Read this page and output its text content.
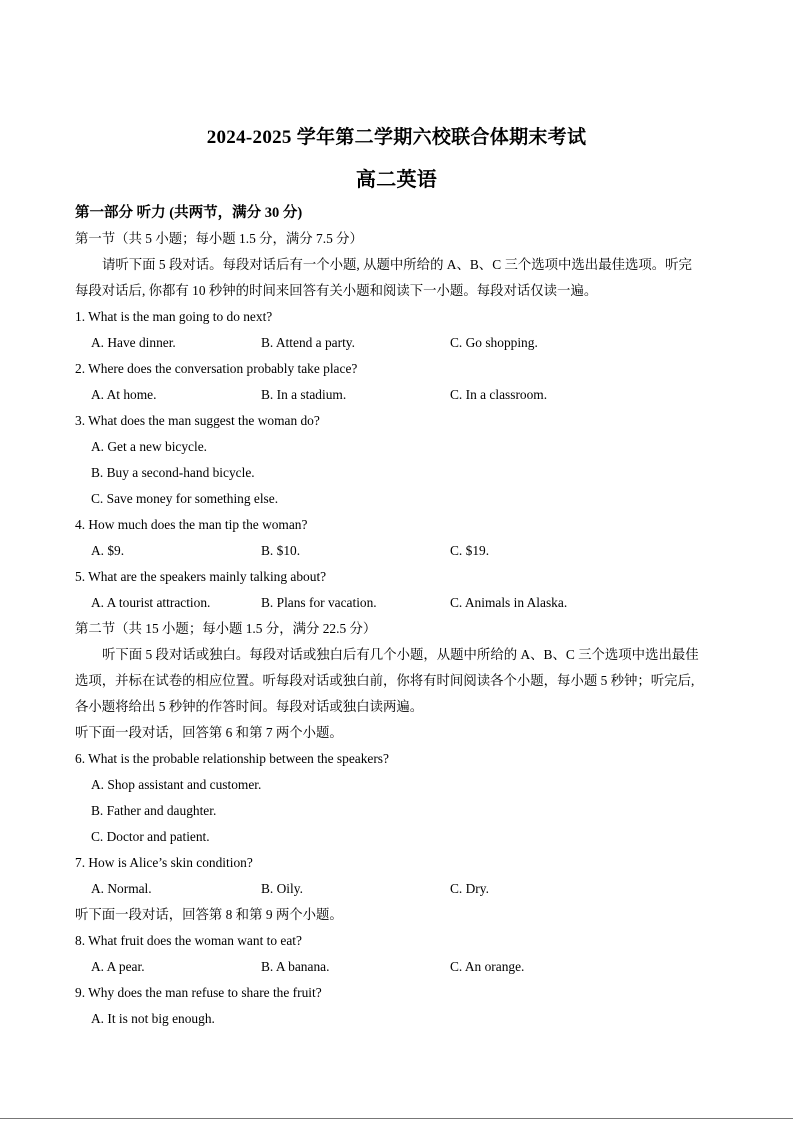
2024-2025 学年第二学期六校联合体期末考试
高二英语
第一部分 听力 (共两节，满分 30 分)
第一节（共 5 小题；每小题 1.5 分，满分 7.5 分）
请听下面 5 段对话。每段对话后有一个小题, 从题中所给的 A、B、C 三个选项中选出最佳选项。听完
每段对话后, 你都有 10 秒钟的时间来回答有关小题和阅读下一小题。每段对话仅读一遍。
1. What is the man going to do next?
A. Have dinner.	B. Attend a party.	C. Go shopping.
2. Where does the conversation probably take place?
A. At home.	B. In a stadium.	C. In a classroom.
3. What does the man suggest the woman do?
A. Get a new bicycle.
B. Buy a second-hand bicycle.
C. Save money for something else.
4. How much does the man tip the woman?
A. $9.	B. $10.	C. $19.
5. What are the speakers mainly talking about?
A. A tourist attraction.	B. Plans for vacation.	C. Animals in Alaska.
第二节（共 15 小题；每小题 1.5 分，满分 22.5 分）
听下面 5 段对话或独白。每段对话或独白后有几个小题，从题中所给的 A、B、C 三个选项中选出最佳
选项，并标在试卷的相应位置。听每段对话或独白前，你将有时间阅读各个小题，每小题 5 秒钟；听完后,
各小题将给出 5 秒钟的作答时间。每段对话或独白读两遍。
听下面一段对话，回答第 6 和第 7 两个小题。
6. What is the probable relationship between the speakers?
A. Shop assistant and customer.
B. Father and daughter.
C. Doctor and patient.
7. How is Alice’s skin condition?
A. Normal.	B. Oily.	C. Dry.
听下面一段对话，回答第 8 和第 9 两个小题。
8. What fruit does the woman want to eat?
A. A pear.	B. A banana.	C. An orange.
9. Why does the man refuse to share the fruit?
A. It is not big enough.
